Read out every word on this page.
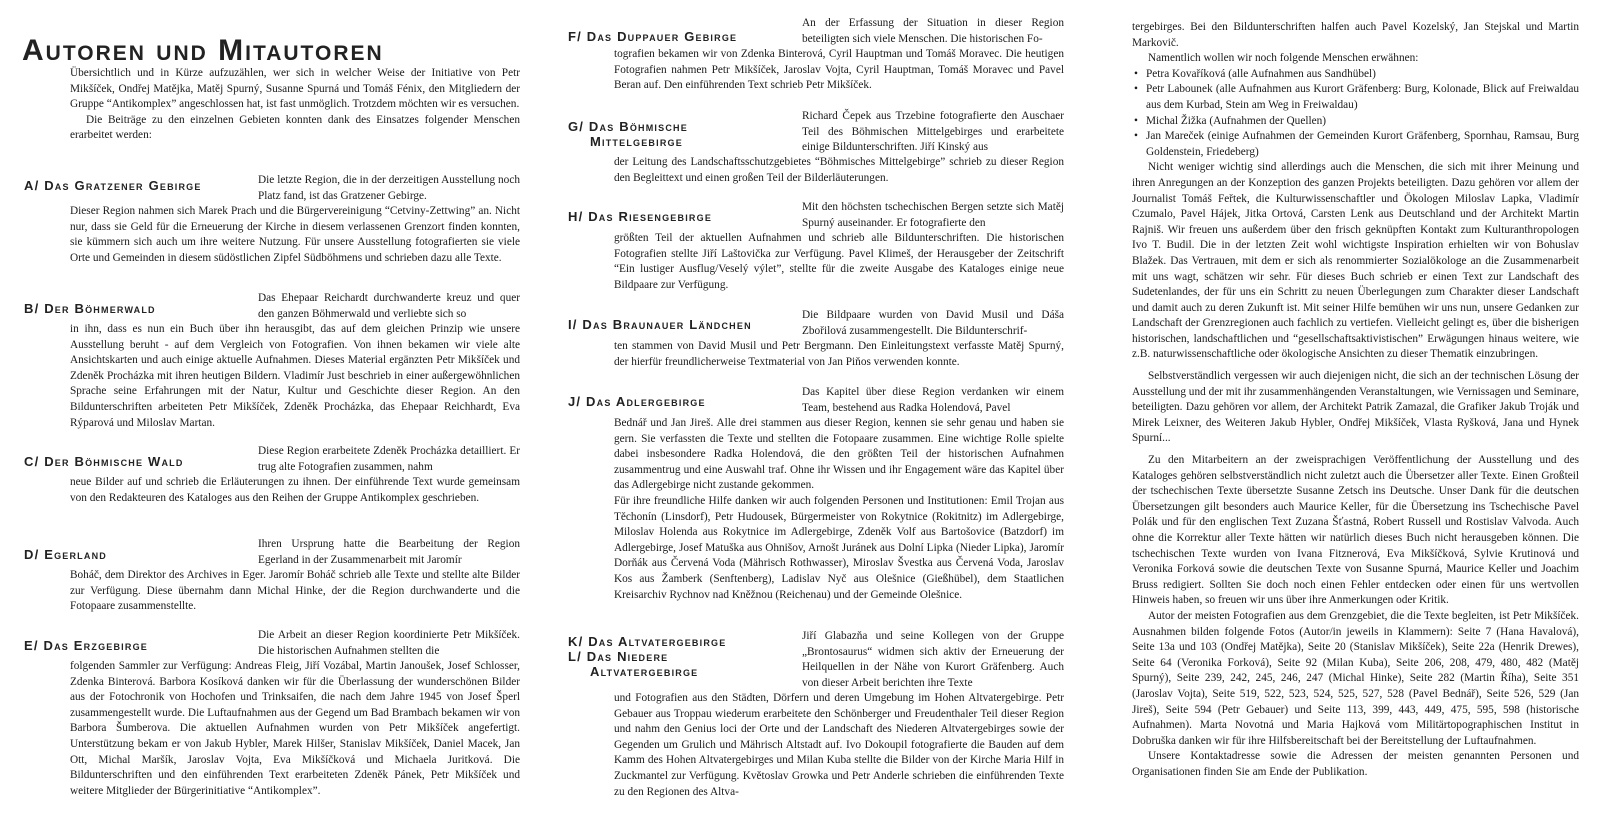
Autoren und Mitautoren

Übersichtlich und in Kürze aufzuzählen, wer sich in welcher Weise der Initiative von Petr Mikšíček, Ondřej Matějka, Matěj Spurný, Susanne Spurná und Tomáš Fénix, den Mitgliedern der Gruppe “Antikomplex” angeschlossen hat, ist fast unmöglich. Trotzdem möchten wir es versuchen.

Die Beiträge zu den einzelnen Gebieten konnten dank des Einsatzes folgender Menschen erarbeitet werden:

A/ Das Gratzener Gebirge	Die letzte Region, die in der derzeitigen Ausstellung noch Platz fand, ist das Gratzener Gebirge.

Dieser Region nahmen sich Marek Prach und die Bürgervereinigung “Cetviny-Zettwing” an. Nicht nur, dass sie Geld für die Erneuerung der Kirche in diesem verlassenen Grenzort finden konnten, sie kümmern sich auch um ihre weitere Nutzung. Für unsere Ausstellung fotografierten sie viele Orte und Gemeinden in diesem südöstlichen Zipfel Südböhmens und schrieben dazu alle Texte.

B/ Der Böhmerwald

Das Ehepaar Reichardt durchwanderte kreuz und quer den ganzen Böhmerwald und verliebte sich so

in ihn, dass es nun ein Buch über ihn herausgibt, das auf dem gleichen Prinzip wie unsere Ausstellung beruht - auf dem Vergleich von Fotografien. Von ihnen bekamen wir viele alte Ansichtskarten und auch einige aktuelle Aufnahmen. Dieses Material ergänzten Petr Mikšíček und Zdeněk Procházka mit ihren heutigen Bildern. Vladimír Just beschrieb in einer außergewöhnlichen Sprache seine Erfahrungen mit der Natur, Kultur und Geschichte dieser Region. An den Bildunterschriften arbeiteten Petr Mikšíček, Zdeněk Procházka, das Ehepaar Reichhardt, Eva Rýparová und Miloslav Martan.

C/ Der Böhmische Wald

Diese Region erarbeitete Zdeněk Procházka detailliert. Er trug alte Fotografien zusammen, nahm

neue Bilder auf und schrieb die Erläuterungen zu ihnen. Der einführende Text wurde gemeinsam von den Redakteuren des Kataloges aus den Reihen der Gruppe Antikomplex geschrieben.

D/ Egerland

Ihren Ursprung hatte die Bearbeitung der Region Egerland in der Zusammenarbeit mit Jaromír

Boháč, dem Direktor des Archives in Eger. Jaromír Boháč schrieb alle Texte und stellte alte Bilder zur Verfügung. Diese übernahm dann Michal Hinke, der die Region durchwanderte und die Fotopaare zusammenstellte.

E/ Das Erzgebirge

Die Arbeit an dieser Region koordinierte Petr Mikšíček. Die historischen Aufnahmen stellten die

folgenden Sammler zur Verfügung: Andreas Fleig, Jiří Vozábal, Martin Janoušek, Josef Schlosser, Zdenka Binterová. Barbora Kosíková danken wir für die Überlassung der wunderschönen Bilder aus der Fotochronik von Hochofen und Trinksaifen, die nach dem Jahre 1945 von Josef Šperl zusammengestellt wurde. Die Luftaufnahmen aus der Gegend um Bad Brambach bekamen wir von Barbora Šumberova. Die aktuellen Aufnahmen wurden von Petr Mikšíček angefertigt. Unterstützung bekam er von Jakub Hybler, Marek Hilšer, Stanislav Mikšíček, Daniel Macek, Jan Ott, Michal Maršík, Jaroslav Vojta, Eva Mikšíčková und Michaela Juritková. Die Bildunterschriften und den einführenden Text erarbeiteten Zdeněk Pánek, Petr Mikšíček und weitere Mitglieder der Bürgerinitiative “Antikomplex”.

F/ Das Duppauer Gebirge

An der Erfassung der Situation in dieser Region beteiligten sich viele Menschen. Die historischen Fo-

tografien bekamen wir von Zdenka Binterová, Cyril Hauptman und Tomáš Moravec. Die heutigen Fotografien nahmen Petr Mikšíček, Jaroslav Vojta, Cyril Hauptman, Tomáš Moravec und Pavel Beran auf. Den einführenden Text schrieb Petr Mikšíček.

G/ Das Böhmische
Mittelgebirge

Richard Čepek aus Trzebine fotografierte den Auschaer Teil des Böhmischen Mittelgebirges und erarbeitete einige Bildunterschriften. Jiří Kinský aus

der Leitung des Landschaftsschutzgebietes “Böhmisches Mittelgebirge” schrieb zu dieser Region den Begleittext und einen großen Teil der Bilderläuterungen.

H/ Das Riesengebirge

Mit den höchsten tschechischen Bergen setzte sich Matěj Spurný auseinander. Er fotografierte den

größten Teil der aktuellen Aufnahmen und schrieb alle Bildunterschriften. Die historischen Fotografien stellte Jiří Laštovička zur Verfügung. Pavel Klimeš, der Herausgeber der Zeitschrift “Ein lustiger Ausflug/Veselý výlet”, stellte für die zweite Ausgabe des Kataloges einige neue Bildpaare zur Verfügung.

I/ Das Braunauer Ländchen

Die Bildpaare wurden von David Musil und Dáša Zbořilová zusammengestellt. Die Bildunterschrif-

ten stammen von David Musil und Petr Bergmann. Den Einleitungstext verfasste Matěj Spurný, der hierfür freundlicherweise Textmaterial von Jan Piňos verwenden konnte.

J/ Das Adlergebirge

Das Kapitel über diese Region verdanken wir einem Team, bestehend aus Radka Holendová, Pavel

Bednář und Jan Jireš. Alle drei stammen aus dieser Region, kennen sie sehr genau und haben sie gern. Sie verfassten die Texte und stellten die Fotopaare zusammen. Eine wichtige Rolle spielte dabei insbesondere Radka Holendová, die den größten Teil der historischen Aufnahmen zusammentrug und eine Auswahl traf. Ohne ihr Wissen und ihr Engagement wäre das Kapitel über das Adlergebirge nicht zustande gekommen.

Für ihre freundliche Hilfe danken wir auch folgenden Personen und Institutionen: Emil Trojan aus Těchonín (Linsdorf), Petr Hudousek, Bürgermeister von Rokytnice (Rokitnitz) im Adlergebirge, Miloslav Holenda aus Rokytnice im Adlergebirge, Zdeněk Volf aus Bartošovice (Batzdorf) im Adlergebirge, Josef Matuška aus Ohnišov, Arnošt Juránek aus Dolní Lipka (Nieder Lipka), Jaromír Dorňák aus Červená Voda (Mährisch Rothwasser), Miroslav Švestka aus Červená Voda, Jaroslav Kos aus Žamberk (Senftenberg), Ladislav Nyč aus Olešnice (Gießhübel), dem Staatlichen Kreisarchiv Rychnov nad Kněžnou (Reichenau) und der Gemeinde Olešnice.

K/ Das Altvatergebirge
L/ Das Niedere
Altvatergebirge

Jiří Glabazňa und seine Kollegen von der Gruppe „Brontosaurus“ widmen sich aktiv der Erneuerung der Heilquellen in der Nähe von Kurort Gräfenberg. Auch von dieser Arbeit berichten ihre Texte

und Fotografien aus den Städten, Dörfern und deren Umgebung im Hohen Altvatergebirge. Petr Gebauer aus Troppau wiederum erarbeitete den Schönberger und Freudenthaler Teil dieser Region und nahm den Genius loci der Orte und der Landschaft des Niederen Altvatergebirges sowie der Gegenden um Grulich und Mährisch Altstadt auf. Ivo Dokoupil fotografierte die Bauden auf dem Kamm des Hohen Altvatergebirges und Milan Kuba stellte die Bilder von der Kirche Maria Hilf in Zuckmantel zur Verfügung. Květoslav Growka und Petr Anderle schrieben die einführenden Texte zu den Regionen des Altva-

tergebirges. Bei den Bildunterschriften halfen auch Pavel Kozelský, Jan Stejskal und Martin Markovič.

Namentlich wollen wir noch folgende Menschen erwähnen:

• Petra Kovaříková (alle Aufnahmen aus Sandhübel)
• Petr Labounek (alle Aufnahmen aus Kurort Gräfenberg: Burg, Kolonade, Blick auf Freiwaldau aus dem Kurbad, Stein am Weg in Freiwaldau)
• Michal Žižka (Aufnahmen der Quellen)
• Jan Mareček (einige Aufnahmen der Gemeinden Kurort Gräfenberg, Spornhau, Ramsau, Burg Goldenstein, Friedeberg)

Nicht weniger wichtig sind allerdings auch die Menschen, die sich mit ihrer Meinung und ihren Anregungen an der Konzeption des ganzen Projekts beteiligten. Dazu gehören vor allem der Journalist Tomáš Feřtek, die Kulturwissenschaftler und Ökologen Miloslav Lapka, Vladimír Czumalo, Pavel Hájek, Jitka Ortová, Carsten Lenk aus Deutschland und der Architekt Martin Rajniš. Wir freuen uns außerdem über den frisch geknüpften Kontakt zum Kulturanthropologen Ivo T. Budil. Die in der letzten Zeit wohl wichtigste Inspiration erhielten wir von Bohuslav Blažek. Das Vertrauen, mit dem er sich als renommierter Sozialökologe an die Zusammenarbeit mit uns wagt, schätzen wir sehr. Für dieses Buch schrieb er einen Text zur Landschaft des Sudetenlandes, der für uns ein Schritt zu neuen Überlegungen zum Charakter dieser Landschaft und damit auch zu deren Zukunft ist. Mit seiner Hilfe bemühen wir uns nun, unsere Gedanken zur Landschaft der Grenzregionen auch fachlich zu vertiefen. Vielleicht gelingt es, über die bisherigen historischen, landschaftlichen und “gesellschaftsaktivistischen” Erwägungen hinaus weitere, wie z.B. naturwissenschaftliche oder ökologische Ansichten zu dieser Thematik einzubringen.

Selbstverständlich vergessen wir auch diejenigen nicht, die sich an der technischen Lösung der Ausstellung und der mit ihr zusammenhängenden Veranstaltungen, wie Vernissagen und Seminare, beteiligten. Dazu gehören vor allem, der Architekt Patrik Zamazal, die Grafiker Jakub Troják und Mirek Leixner, des Weiteren Jakub Hybler, Ondřej Mikšíček, Vlasta Ryšková, Jana und Hynek Spurní...

Zu den Mitarbeitern an der zweisprachigen Veröffentlichung der Ausstellung und des Kataloges gehören selbstverständlich nicht zuletzt auch die Übersetzer aller Texte. Einen Großteil der tschechischen Texte übersetzte Susanne Zetsch ins Deutsche. Unser Dank für die deutschen Übersetzungen gilt besonders auch Maurice Keller, für die Übersetzung ins Tschechische Pavel Polák und für den englischen Text Zuzana Šťastná, Robert Russell und Rostislav Valvoda. Auch ohne die Korrektur aller Texte hätten wir natürlich dieses Buch nicht herausgeben können. Die tschechischen Texte wurden von Ivana Fitznerová, Eva Mikšíčková, Sylvie Krutinová und Veronika Forková sowie die deutschen Texte von Susanne Spurná, Maurice Keller und Joachim Bruss redigiert. Sollten Sie doch noch einen Fehler entdecken oder einen für uns wertvollen Hinweis haben, so freuen wir uns über ihre Anmerkungen oder Kritik.

Autor der meisten Fotografien aus dem Grenzgebiet, die die Texte begleiten, ist Petr Mikšíček. Ausnahmen bilden folgende Fotos (Autor/in jeweils in Klammern): Seite 7 (Hana Havalová), Seite 13a und 103 (Ondřej Matějka), Seite 20 (Stanislav Mikšíček), Seite 22a (Henrik Drewes), Seite 64 (Veronika Forková), Seite 92 (Milan Kuba), Seite 206, 208, 479, 480, 482 (Matěj Spurný), Seite 239, 242, 245, 246, 247 (Michal Hinke), Seite 282 (Martin Říha), Seite 351 (Jaroslav Vojta), Seite 519, 522, 523, 524, 525, 527, 528 (Pavel Bednář), Seite 526, 529 (Jan Jireš), Seite 594 (Petr Gebauer) und Seite 113, 399, 443, 449, 475, 595, 598 (historische Aufnahmen). Marta Novotná und Maria Hajková vom Militärtopographischen Institut in Dobruška danken wir für ihre Hilfsbereitschaft bei der Bereitstellung der Luftaufnahmen.

Unsere Kontaktadresse sowie die Adressen der meisten genannten Personen und Organisationen finden Sie am Ende der Publikation.
